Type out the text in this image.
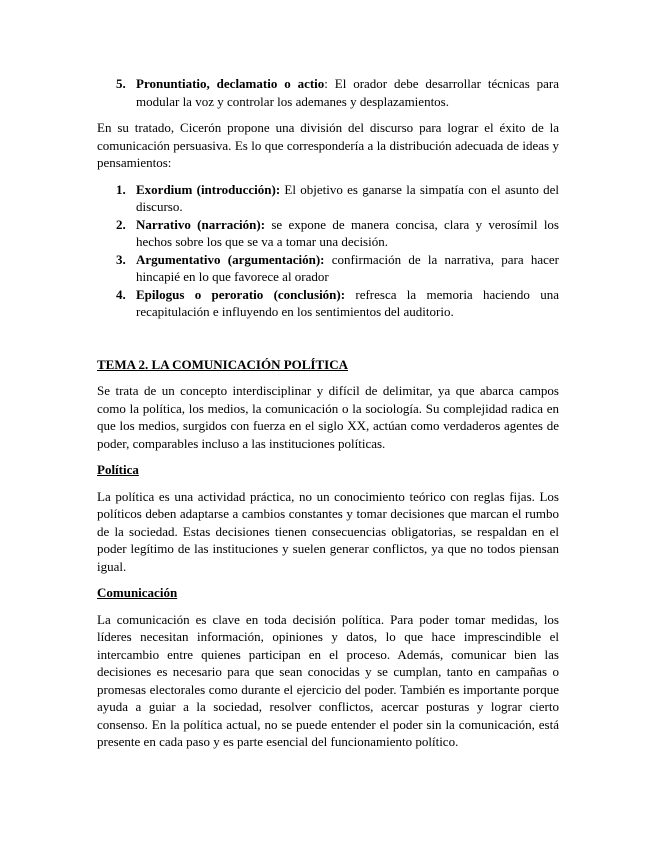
5. Pronuntiatio, declamatio o actio: El orador debe desarrollar técnicas para modular la voz y controlar los ademanes y desplazamientos.

En su tratado, Cicerón propone una división del discurso para lograr el éxito de la comunicación persuasiva. Es lo que correspondería a la distribución adecuada de ideas y pensamientos:

1. Exordium (introducción): El objetivo es ganarse la simpatía con el asunto del discurso.
2. Narrativo (narración): se expone de manera concisa, clara y verosímil los hechos sobre los que se va a tomar una decisión.
3. Argumentativo (argumentación): confirmación de la narrativa, para hacer hincapié en lo que favorece al orador
4. Epilogus o peroratio (conclusión): refresca la memoria haciendo una recapitulación e influyendo en los sentimientos del auditorio.
TEMA 2. LA COMUNICACIÓN POLÍTICA

Se trata de un concepto interdisciplinar y difícil de delimitar, ya que abarca campos como la política, los medios, la comunicación o la sociología. Su complejidad radica en que los medios, surgidos con fuerza en el siglo XX, actúan como verdaderos agentes de poder, comparables incluso a las instituciones políticas.

Política

La política es una actividad práctica, no un conocimiento teórico con reglas fijas. Los políticos deben adaptarse a cambios constantes y tomar decisiones que marcan el rumbo de la sociedad. Estas decisiones tienen consecuencias obligatorias, se respaldan en el poder legítimo de las instituciones y suelen generar conflictos, ya que no todos piensan igual.

Comunicación

La comunicación es clave en toda decisión política. Para poder tomar medidas, los líderes necesitan información, opiniones y datos, lo que hace imprescindible el intercambio entre quienes participan en el proceso. Además, comunicar bien las decisiones es necesario para que sean conocidas y se cumplan, tanto en campañas o promesas electorales como durante el ejercicio del poder. También es importante porque ayuda a guiar a la sociedad, resolver conflictos, acercar posturas y lograr cierto consenso. En la política actual, no se puede entender el poder sin la comunicación, está presente en cada paso y es parte esencial del funcionamiento político.
